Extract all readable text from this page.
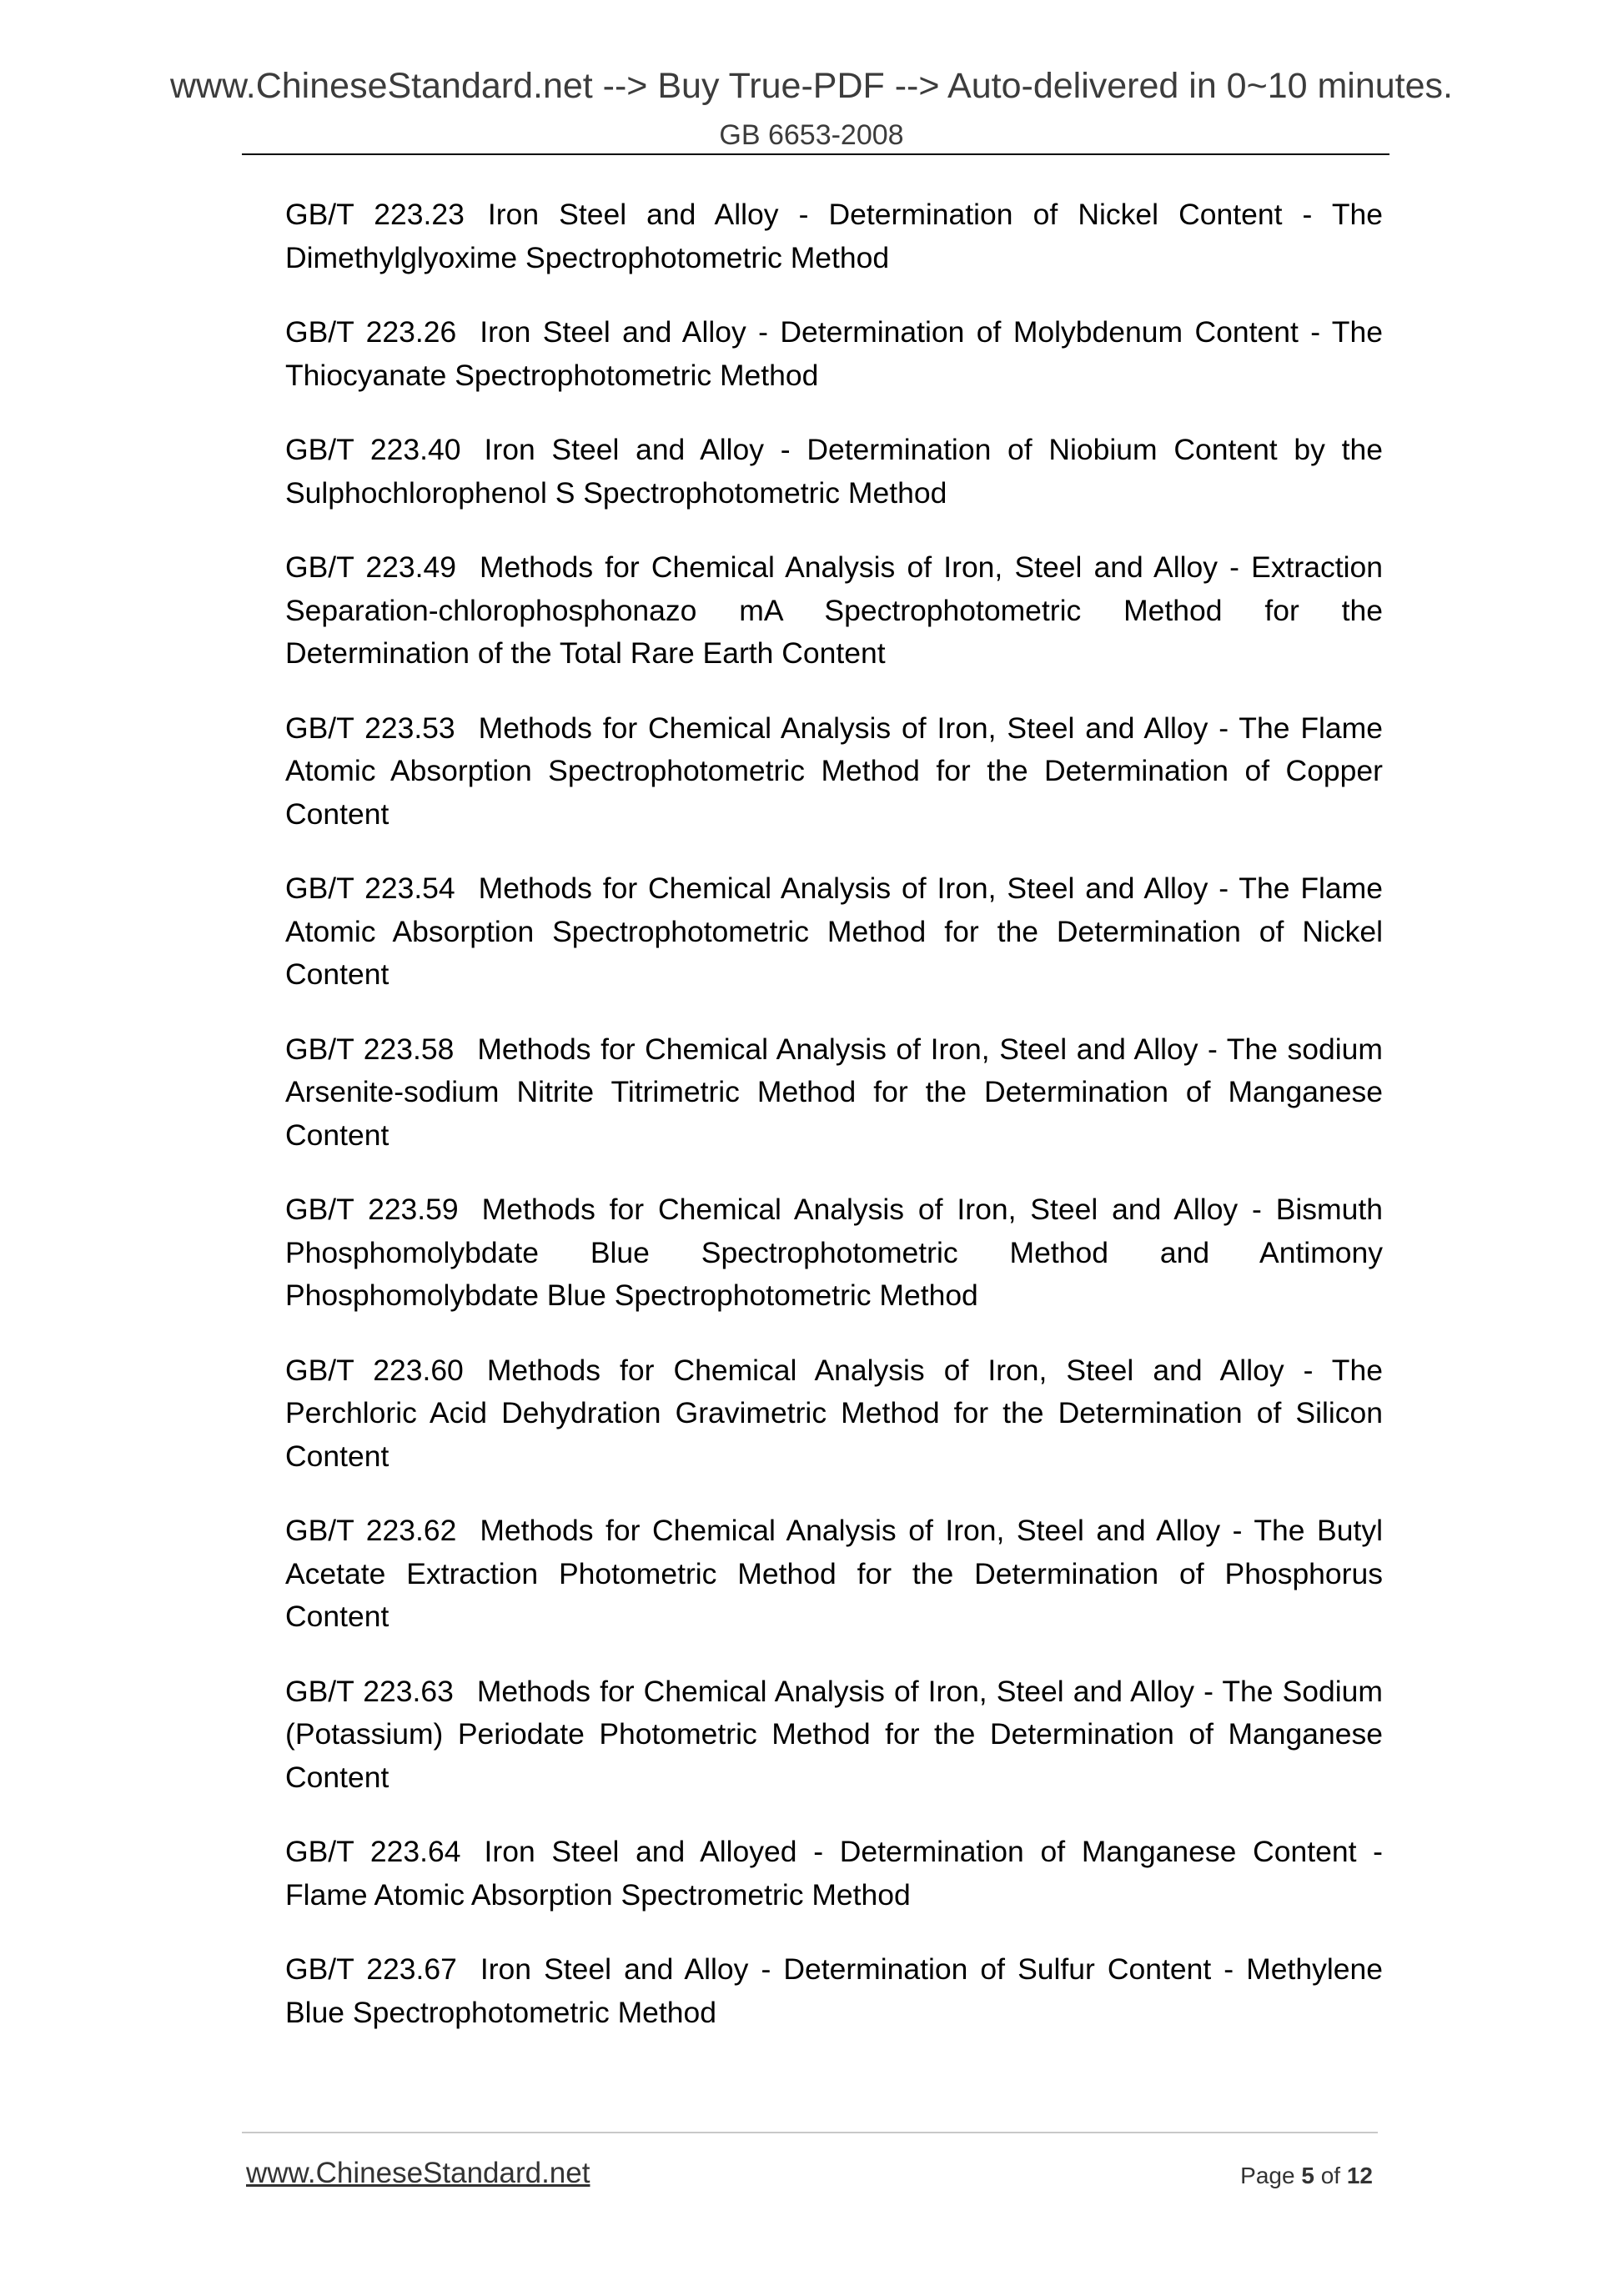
www.ChineseStandard.net --> Buy True-PDF --> Auto-delivered in 0~10 minutes.
GB 6653-2008

GB/T 223.23 Iron Steel and Alloy - Determination of Nickel Content - The Dimethylglyoxime Spectrophotometric Method

GB/T 223.26 Iron Steel and Alloy - Determination of Molybdenum Content - The Thiocyanate Spectrophotometric Method

GB/T 223.40 Iron Steel and Alloy - Determination of Niobium Content by the Sulphochlorophenol S Spectrophotometric Method

GB/T 223.49 Methods for Chemical Analysis of Iron, Steel and Alloy - Extraction Separation-chlorophosphonazo mA Spectrophotometric Method for the Determination of the Total Rare Earth Content

GB/T 223.53 Methods for Chemical Analysis of Iron, Steel and Alloy - The Flame Atomic Absorption Spectrophotometric Method for the Determination of Copper Content

GB/T 223.54 Methods for Chemical Analysis of Iron, Steel and Alloy - The Flame Atomic Absorption Spectrophotometric Method for the Determination of Nickel Content

GB/T 223.58 Methods for Chemical Analysis of Iron, Steel and Alloy - The sodium Arsenite-sodium Nitrite Titrimetric Method for the Determination of Manganese Content

GB/T 223.59 Methods for Chemical Analysis of Iron, Steel and Alloy - Bismuth Phosphomolybdate Blue Spectrophotometric Method and Antimony Phosphomolybdate Blue Spectrophotometric Method

GB/T 223.60 Methods for Chemical Analysis of Iron, Steel and Alloy - The Perchloric Acid Dehydration Gravimetric Method for the Determination of Silicon Content

GB/T 223.62 Methods for Chemical Analysis of Iron, Steel and Alloy - The Butyl Acetate Extraction Photometric Method for the Determination of Phosphorus Content

GB/T 223.63 Methods for Chemical Analysis of Iron, Steel and Alloy - The Sodium (Potassium) Periodate Photometric Method for the Determination of Manganese Content

GB/T 223.64 Iron Steel and Alloyed - Determination of Manganese Content - Flame Atomic Absorption Spectrometric Method

GB/T 223.67 Iron Steel and Alloy - Determination of Sulfur Content - Methylene Blue Spectrophotometric Method

www.ChineseStandard.net	Page 5 of 12
